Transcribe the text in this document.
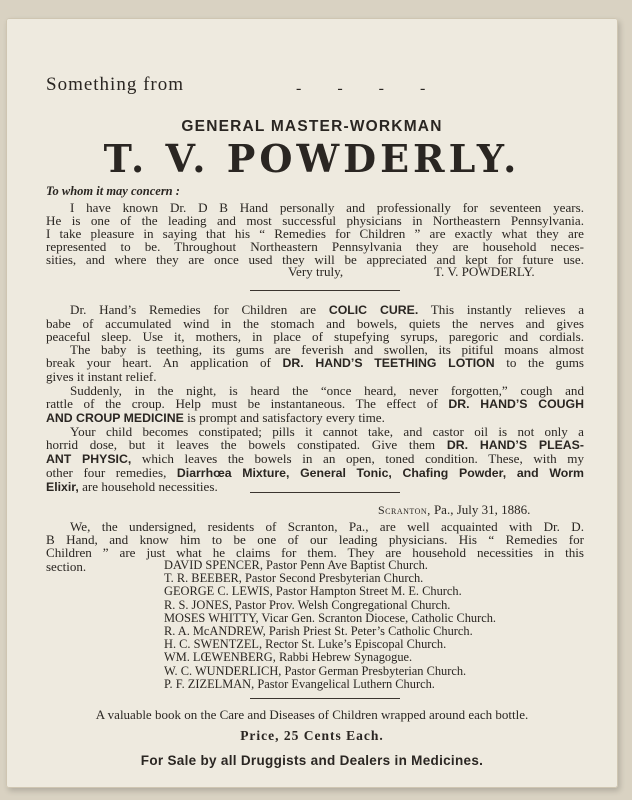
Something from	- - - -
GENERAL MASTER-WORKMAN
T. V. POWDERLY.
To whom it may concern :
I have known Dr. D B Hand personally and professionally for seventeen years.
He is one of the leading and most successful physicians in Northeastern Pennsylvania.
I take pleasure in saying that his “ Remedies for Children ” are exactly what they are
represented to be. Throughout Northeastern Pennsylvania they are household neces-
sities, and where they are once used they will be appreciated and kept for future use.
Very truly,	T. V. POWDERLY.
Dr. Hand’s Remedies for Children are COLIC CURE. This instantly relieves a
babe of accumulated wind in the stomach and bowels, quiets the nerves and gives
peaceful sleep. Use it, mothers, in place of stupefying syrups, paregoric and cordials.
The baby is teething, its gums are feverish and swollen, its pitiful moans almost
break your heart. An application of DR. HAND’S TEETHING LOTION to the gums
gives it instant relief.
Suddenly, in the night, is heard the “once heard, never forgotten,” cough and
rattle of the croup. Help must be instantaneous. The effect of DR. HAND’S COUGH
AND CROUP MEDICINE is prompt and satisfactory every time.
Your child becomes constipated; pills it cannot take, and castor oil is not only a
horrid dose, but it leaves the bowels constipated. Give them DR. HAND’S PLEAS-
ANT PHYSIC, which leaves the bowels in an open, toned condition. These, with my
other four remedies, Diarrhœa Mixture, General Tonic, Chafing Powder, and Worm
Elixir, are household necessities.
Scranton, Pa., July 31, 1886.
We, the undersigned, residents of Scranton, Pa., are well acquainted with Dr. D.
B Hand, and know him to be one of our leading physicians. His “ Remedies for
Children ” are just what he claims for them. They are household necessities in this
section.	DAVID SPENCER, Pastor Penn Ave Baptist Church.
T. R. BEEBER, Pastor Second Presbyterian Church.
GEORGE C. LEWIS, Pastor Hampton Street M. E. Church.
R. S. JONES, Pastor Prov. Welsh Congregational Church.
MOSES WHITTY, Vicar Gen. Scranton Diocese, Catholic Church.
R. A. McANDREW, Parish Priest St. Peter’s Catholic Church.
H. C. SWENTZEL, Rector St. Luke’s Episcopal Church.
WM. LŒWENBERG, Rabbi Hebrew Synagogue.
W. C. WUNDERLICH, Pastor German Presbyterian Church.
P. F. ZIZELMAN, Pastor Evangelical Luthern Church.
A valuable book on the Care and Diseases of Children wrapped around each bottle.
Price, 25 Cents Each.
For Sale by all Druggists and Dealers in Medicines.
